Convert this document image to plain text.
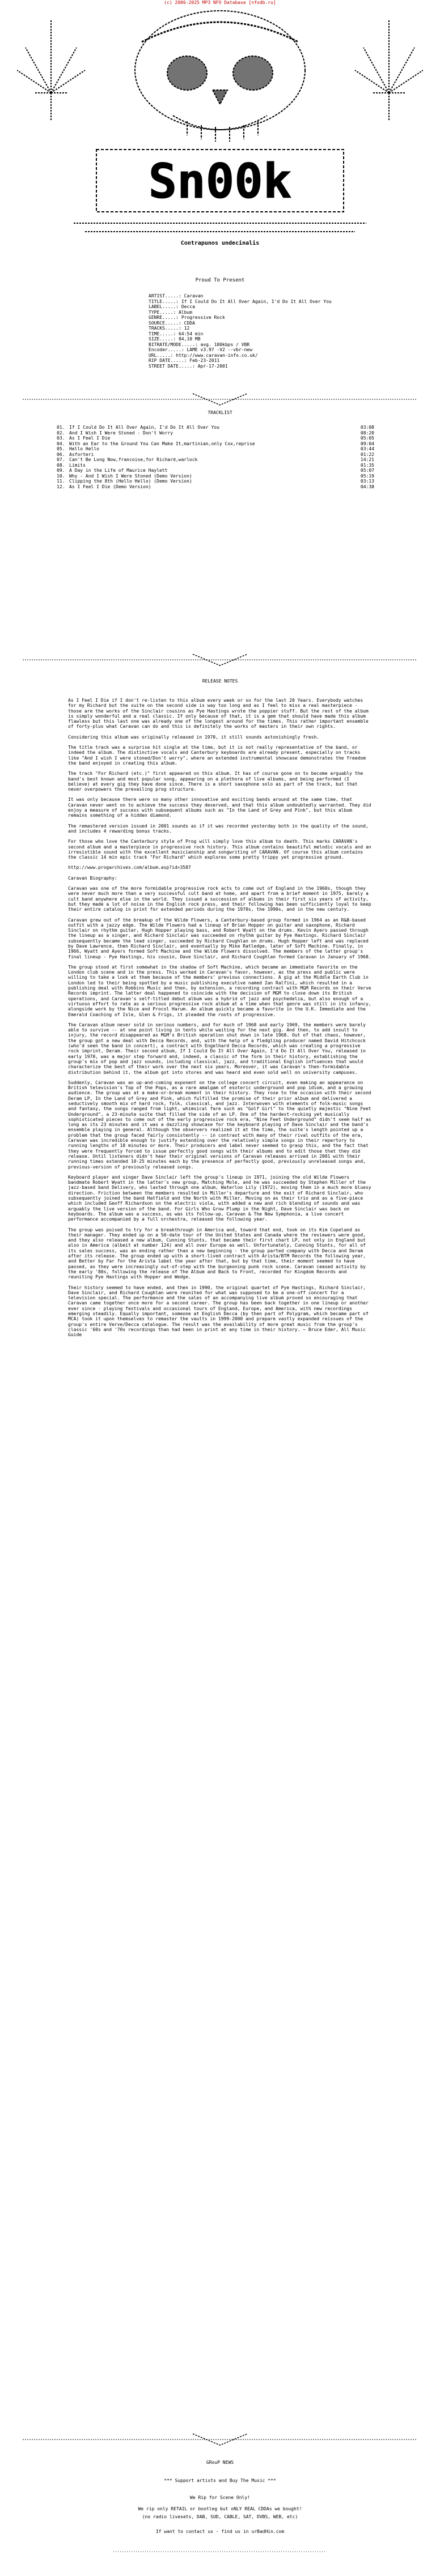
(c) 2006-2025 MP3 NFO Database [nfodb.ru]
Sn00k
Contrapunos undecinalis
Proud To Present
ARTIST.....: Caravan
TITLE.....: If I Could Do It All Over Again, I'd Do It All Over You
LABEL.....: Decca
TYPE.....: Album
GENRE.....: Progressive Rock
SOURCE.....: CDDA
TRACKS.....: 12
TIME.....: 64:54 min
SIZE.....: 84,10 MB
BITRATE/MODE.....: avg. 180kbps / VBR
Encoder.....: LAME v3.97 -V2 --vbr-new
URL.....: http://www.caravan-info.co.uk/
RIP DATE.....: Feb-23-2011
STREET DATE.....: Apr-17-2001
TRACKLIST
01. If I Could Do It All Over Again, I'd Do It All Over You	03:08
02. And I Wish I Were Stoned - Don't Worry	08:20
03. As I Feel I Die	05:05
04. With an Ear to the Ground You Can Make It,martinian,only Cox,reprise	09:04
05. Hello Hello	03:44
06. Asforteri	01:22
07. Can't Be Long Now,francoise,for Richard,warlock	14:21
08. Limits	01:35
09. A Day in the Life of Maurice Haylett	05:07
10. Why - And I Wish I Were Stoned (Demo Version)	05:19
11. Clipping the 8th (Hello Hello) (Demo Version)	03:13
12. As I Feel I Die (Demo Version)	04:38
RELEASE NOTES

As I Feel I Die if I don't re-listen to this album every week or so for the last 20 Years. Everybody watches for my Richard but the suite on the second side is way too long and as I feel to miss a real masterpiece - those are the works of the Sinclair cousins as Pye Hastings wrote the poppier stuff. But the rest of the album is simply wonderful and a real classic. If only because of that, it is a gem that should have made this album flawless but this last one was already one of the longest around for the times. This rather important ensemble of forty-plus what Caravan can do and this is definitely the works of masters in their own rights.

Considering this album was originally released in 1970, it still sounds astonishingly fresh.

The title track was a surprise hit single at the time, but it is not really representative of the band, or indeed the album. The distinctive vocals and Canterbury keyboards are already present, especially on tracks like "And I wish I were stoned/Don't worry", where an extended instrumental showcase demonstrates the freedom the band enjoyed in creating this album.

The track "For Richard (etc.)" first appeared on this album. It has of course gone on to become arguably the band's best known and most popular song, appearing on a plethora of live albums, and being performed (I believe) at every gig they have done since. There is a short saxophone solo as part of the track, but that never overpowers the prevailing prog structure.

It was only because there were so many other innovative and exciting bands around at the same time, that Caravan never went on to achieve the success they deserved, and that this album undoubtedly warranted. They did enjoy a measure of success with subsequent albums such as "In the Land of Grey and Pink", but this album remains something of a hidden diamond.

The remastered version issued in 2001 sounds as if it was recorded yesterday both in the quality of the sound, and includes 4 rewarding bonus tracks.

For those who love the Canterbury style of Prog will simply love this album to death. This marks CARAVAN's second album and a masterpiece in progressive rock history. This album contains beautiful melodic vocals and an irresistible sound with the excellent musicianship and songwriting of CARAVAN. Of course this album contains the classic 14 min epic track "For Richard" which explores some pretty trippy yet progressive ground.

http://www.progarchives.com/album.asp?id=3587

Caravan Biography:

Caravan was one of the more formidable progressive rock acts to come out of England in the 1960s, though they were never much more than a very successful cult band at home, and apart from a brief moment in 1975, barely a cult band anywhere else in the world. They issued a succession of albums in their first six years of activity, but they made a lot of noise in the English rock press, and their following has been sufficiently loyal to keep their entire catalog in print for extended periods during the 1970s, the 1990s, and in the new century.

Caravan grew out of the breakup of the Wilde Flowers, a Canterbury-based group formed in 1964 as an R&B-based outfit with a jazzy edge. The Wilde Flowers had a lineup of Brian Hopper on guitar and saxophone, Richard Sinclair on rhythm guitar, Hugh Hopper playing bass, and Robert Wyatt on the drums. Kevin Ayers passed through the lineup as a singer, and Richard Sinclair was succeeded on rhythm guitar by Pye Hastings. Richard Sinclair subsequently became the lead singer, succeeded by Richard Coughlan on drums. Hugh Hopper left and was replaced by Dave Lawrence, then Richard Sinclair, and eventually by Mike Ratledge, later of Soft Machine. Finally, in 1966, Wyatt and Ayers formed Soft Machine and the Wilde Flowers dissolved. The members of the latter group's final lineup - Pye Hastings, his cousin, Dave Sinclair, and Richard Coughlan formed Caravan in January of 1968.

The group stood at first somewhat in the shadow of Soft Machine, which became an immediate favorite on the London club scene and in the press. This worked in Caravan's favor, however, as the press and public were willing to take a look at them because of the members' previous connections. A gig at the Middle Earth Club in London led to their being spotted by a music publishing executive named Ian Ralfini, which resulted in a publishing deal with Robbins Music and then, by extension, a recording contract with MGM Records on their Verve Records imprint. The latter deal happened to coincide with the decision of MGM to close down its British operations, and Caravan's self-titled debut album was a hybrid of jazz and psychedelia, but also enough of a virtuoso effort to rate as a serious progressive rock album at a time when that genre was still in its infancy, alongside work by the Nice and Procol Harum. An album quickly became a favorite in the U.K. Immediate and the Emerald Coaching of Isle, Glen & Frigs, it pleaded the roots of progressive.

The Caravan album never sold in serious numbers, and for much of 1968 and early 1969, the members were barely able to survive -- at one point living in tents while waiting for the next gig. And then, to add insult to injury, the record disappeared as MGM's British operation shut down in late 1968. Out of that chaos, however, the group got a new deal with Decca Records, and, with the help of a fledgling producer named David Hitchcock (who'd seen the band in concert), a contract with Engelhard Decca Records, which was creating a progressive rock imprint, Deram. Their second album, If I Could Do It All Over Again, I'd Do It All Over You, released in early 1970, was a major step forward and, indeed, a classic of the form in their history, establishing the group's mix of pop and jazz sounds, including classical, jazz, and traditional English influences that would characterize the best of their work over the next six years. Moreover, it was Caravan's then-formidable distribution behind it, the album got into stores and was heard and even sold well on university campuses.

Suddenly, Caravan was an up-and-coming exponent on the college concert circuit, even making an appearance on British television's Top of the Pops, as a rare amalgam of esoteric underground and pop idiom, and a growing audience. The group was at a make-or-break moment in their history. They rose to the occasion with their second Deram LP, In the Land of Grey and Pink, which fulfilled the promise of their prior album and delivered a seductively smooth mix of hard rock, folk, classical, and jazz. Interwoven with elements of folk-music songs and fantasy, the songs ranged from light, whimsical fare such as "Golf Girl" to the quietly majestic "Nine Feet Underground", a 23-minute suite that filled the side of an LP. One of the hardest-rocking yet musically sophisticated pieces to come out of the early progressive rock era, "Nine Feet Underground" didn't seem half as long as its 23 minutes and it was a dazzling showcase for the keyboard playing of Dave Sinclair and the band's ensemble playing in general. Although the observers realized it at the time, the suite's length pointed up a problem that the group faced fairly consistently -- in contrast with many of their rival outfits of the era, Caravan was incredible enough to justify extending over the relatively simple songs in their repertory to running lengths of 18 minutes or more. Their producers and label never seemed to grasp this, and the fact that they were frequently forced to issue perfectly good songs with their albums and to edit those that they did release. Until listeners didn't hear their original versions of Caravan releases arrived in 2001 with their running times extended 10-25 minutes each by the presence of perfectly good, previously unreleased songs and, previous-version of previously released songs.

Keyboard player and singer Dave Sinclair left the group's lineup in 1971, joining the old Wilde Flowers bandmate Robert Wyatt in the latter's new group, Matching Mole, and he was succeeded by Stephen Miller of the jazz-based band Delivery, who lasted through one album, Waterloo Lily (1972), moving them in a much more bluesy direction. Friction between the members resulted in Miller's departure and the exit of Richard Sinclair, who subsequently joined the band Hatfield and the North with Miller. Moving on as their trio and as a five-piece which included Geoff Richardson on the electric viola, with added a new and rich blending of sounds and was arguably the live version of the band. For Girls Who Grow Plump in the Night, Dave Sinclair was back on keyboards. The album was a success, as was its follow-up, Caravan & The New Symphonia, a live concert performance accompanied by a full orchestra, released the following year.

The group was poised to try for a breakthrough in America and, toward that end, took on its Kim Copeland as their manager. They ended up on a 50-date tour of the United States and Canada where the reviewers were good, and they also released a new album, Cunning Stunts, that became their first chart LP, not only in England but also in America (albeit at number 124) and all over Europe as well. Unfortunately, Cunning Stunts, for all of its sales success, was an ending rather than a new beginning - the group parted company with Decca and Deram after its release. The group ended up with a short-lived contract with Arista/BTM Records the following year, and Better by Far for the Arista label the year after that, but by that time, their moment seemed to have passed, as they were increasingly out-of-step with the burgeoning punk rock scene. Caravan ceased activity by the early '80s, following the release of The Album and Back to Front, recorded for Kingdom Records and reuniting Pye Hastings with Hopper and Wedge.

Their history seemed to have ended, and then in 1990, the original quartet of Pye Hastings, Richard Sinclair, Dave Sinclair, and Richard Coughlan were reunited for what was supposed to be a one-off concert for a television special. The performance and the sales of an accompanying live album proved so encouraging that Caravan came together once more for a second career. The group has been back together in one lineup or another ever since - playing festivals and occasional tours of England, Europe, and America, with new recordings emerging steadily. Equally important, someone at English Decca (by then part of Polygram, which became part of MCA) took it upon themselves to remaster the vaults in 1999-2000 and prepare vastly expanded reissues of the group's entire Verve/Decca catalogue. The result was the availability of more great music from the group's classic '60s and '70s recordings than had been in print at any time in their history. ~ Bruce Eder, All Music Guide

GRouP NEWS
*** Support artists and Buy The Music ***
We Rip for Scene Only!
We rip only RETAIL or bootleg but oNLY REAL CDDAs we bought!
(no radio livesets, DAB, SUD, CABLE, SAT, DVBS, WEB, etc)
If want to contact us - find us in urBadHin.com
